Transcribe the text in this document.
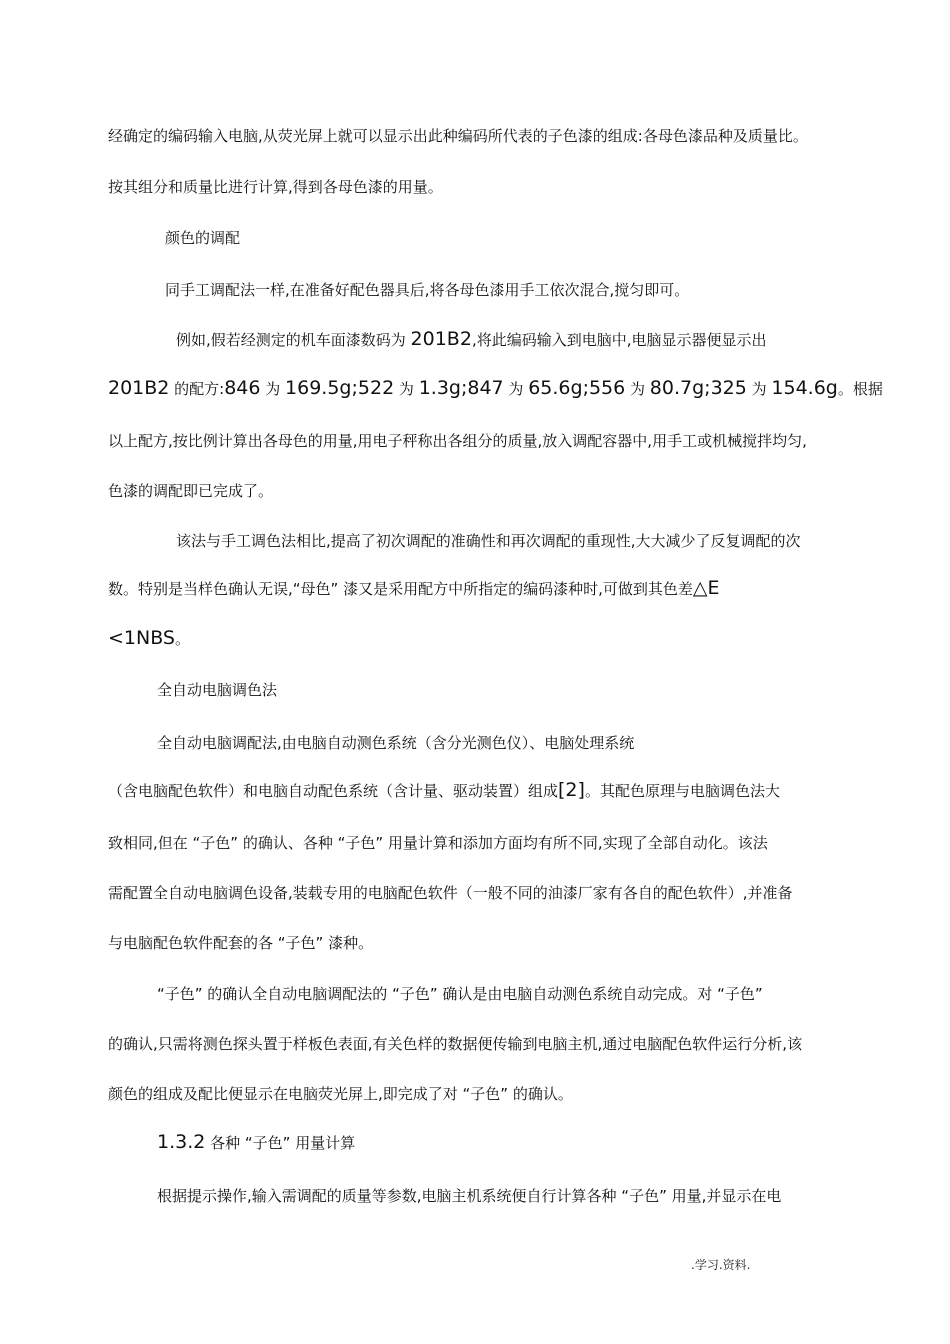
经确定的编码输入电脑,从荧光屏上就可以显示出此种编码所代表的子色漆的组成:各母色漆品种及质量比。
按其组分和质量比进行计算,得到各母色漆的用量。
颜色的调配
同手工调配法一样,在准备好配色器具后,将各母色漆用手工依次混合,搅匀即可。
例如,假若经测定的机车面漆数码为 201B2,将此编码输入到电脑中,电脑显示器便显示出
201B2 的配方:846 为 169.5g;522 为 1.3g;847 为 65.6g;556 为 80.7g;325 为 154.6g。根据
以上配方,按比例计算出各母色的用量,用电子秤称出各组分的质量,放入调配容器中,用手工或机械搅拌均匀,
色漆的调配即已完成了。
该法与手工调色法相比,提高了初次调配的准确性和再次调配的重现性,大大减少了反复调配的次
数。特别是当样色确认无误,“母色” 漆又是采用配方中所指定的编码漆种时,可做到其色差△E
<1NBS。
全自动电脑调色法
全自动电脑调配法,由电脑自动测色系统（含分光测色仪）、电脑处理系统
（含电脑配色软件）和电脑自动配色系统（含计量、驱动装置）组成[2]。其配色原理与电脑调色法大
致相同,但在 “子色” 的确认、各种 “子色” 用量计算和添加方面均有所不同,实现了全部自动化。该法
需配置全自动电脑调色设备,装载专用的电脑配色软件（一般不同的油漆厂家有各自的配色软件）,并准备
与电脑配色软件配套的各 “子色” 漆种。
“子色” 的确认全自动电脑调配法的 “子色” 确认是由电脑自动测色系统自动完成。对 “子色”
的确认,只需将测色探头置于样板色表面,有关色样的数据便传输到电脑主机,通过电脑配色软件运行分析,该
颜色的组成及配比便显示在电脑荧光屏上,即完成了对 “子色” 的确认。
1.3.2 各种 “子色” 用量计算
根据提示操作,输入需调配的质量等参数,电脑主机系统便自行计算各种 “子色” 用量,并显示在电
.学习.资料.
